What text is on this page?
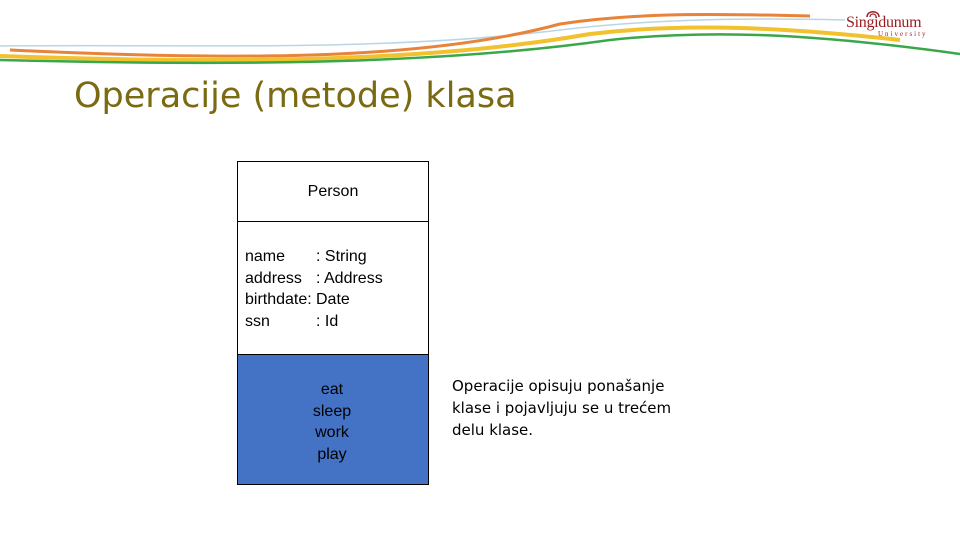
Singidunum
University
Operacije (metode) klasa
Person
name	: String
address : Address
birthdate: Date
ssn	: Id
eat
sleep
work
play
Operacije opisuju ponašanje klase i pojavljuju se u trećem delu klase.
